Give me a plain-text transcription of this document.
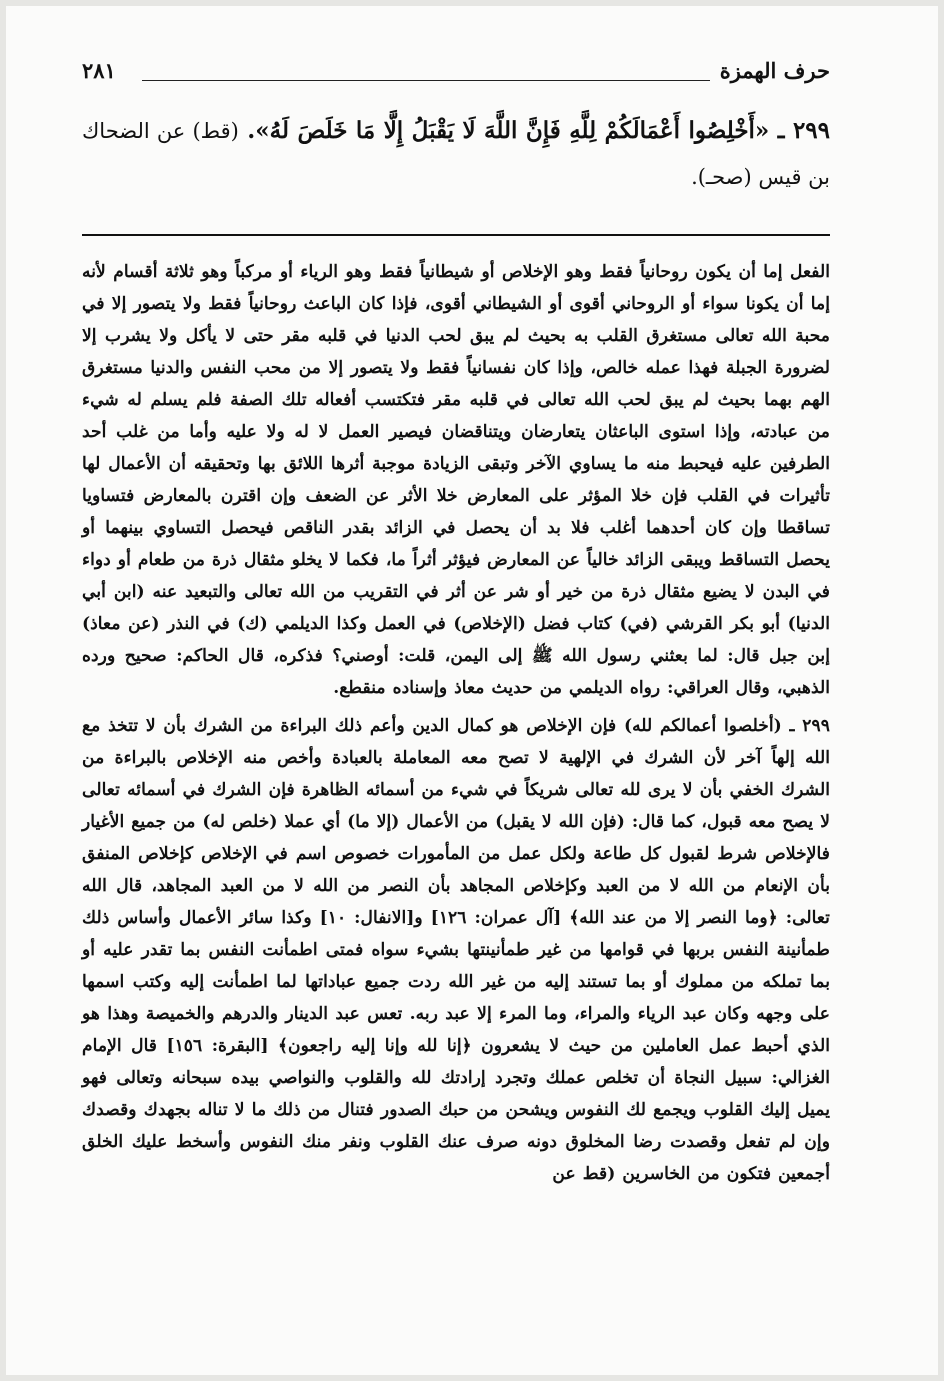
حرف الهمزة
٢٨١
٢٩٩ ـ «أَخْلِصُوا أَعْمَالَكُمْ لِلَّهِ فَإِنَّ اللَّهَ لَا يَقْبَلُ إِلَّا مَا خَلَصَ لَهُ». (قط) عن الضحاك بن قيس (صحـ).

الفعل إما أن يكون روحانياً فقط وهو الإخلاص أو شيطانياً فقط وهو الرياء أو مركباً وهو ثلاثة أقسام لأنه إما أن يكونا سواء أو الروحاني أقوى أو الشيطاني أقوى، فإذا كان الباعث روحانياً فقط ولا يتصور إلا في محبة الله تعالى مستغرق القلب به بحيث لم يبق لحب الدنيا في قلبه مقر حتى لا يأكل ولا يشرب إلا لضرورة الجبلة فهذا عمله خالص، وإذا كان نفسانياً فقط ولا يتصور إلا من محب النفس والدنيا مستغرق الهم بهما بحيث لم يبق لحب الله تعالى في قلبه مقر فتكتسب أفعاله تلك الصفة فلم يسلم له شيء من عبادته، وإذا استوى الباعثان يتعارضان ويتناقضان فيصير العمل لا له ولا عليه وأما من غلب أحد الطرفين عليه فيحبط منه ما يساوي الآخر وتبقى الزيادة موجبة أثرها اللائق بها وتحقيقه أن الأعمال لها تأثيرات في القلب فإن خلا المؤثر على المعارض خلا الأثر عن الضعف وإن اقترن بالمعارض فتساويا تساقطا وإن كان أحدهما أغلب فلا بد أن يحصل في الزائد بقدر الناقص فيحصل التساوي بينهما أو يحصل التساقط ويبقى الزائد خالياً عن المعارض فيؤثر أثراً ما، فكما لا يخلو مثقال ذرة من طعام أو دواء في البدن لا يضيع مثقال ذرة من خير أو شر عن أثر في التقريب من الله تعالى والتبعيد عنه (ابن أبي الدنيا) أبو بكر القرشي (في) كتاب فضل (الإخلاص) في العمل وكذا الديلمي (ك) في النذر (عن معاذ) إبن جبل قال: لما بعثني رسول الله ﷺ إلى اليمن، قلت: أوصني؟ فذكره، قال الحاكم: صحيح ورده الذهبي، وقال العراقي: رواه الديلمي من حديث معاذ وإسناده منقطع.

٢٩٩ ـ (أخلصوا أعمالكم لله) فإن الإخلاص هو كمال الدين وأعم ذلك البراءة من الشرك بأن لا تتخذ مع الله إلهاً آخر لأن الشرك في الإلهية لا تصح معه المعاملة بالعبادة وأخص منه الإخلاص بالبراءة من الشرك الخفي بأن لا يرى لله تعالى شريكاً في شيء من أسمائه الظاهرة فإن الشرك في أسمائه تعالى لا يصح معه قبول، كما قال: (فإن الله لا يقبل) من الأعمال (إلا ما) أي عملا (خلص له) من جميع الأغيار فالإخلاص شرط لقبول كل طاعة ولكل عمل من المأمورات خصوص اسم في الإخلاص كإخلاص المنفق بأن الإنعام من الله لا من العبد وكإخلاص المجاهد بأن النصر من الله لا من العبد المجاهد، قال الله تعالى: ﴿وما النصر إلا من عند الله﴾ [آل عمران: ١٢٦] و[الانفال: ١٠] وكذا سائر الأعمال وأساس ذلك طمأنينة النفس بربها في قوامها من غير طمأنينتها بشيء سواه فمتى اطمأنت النفس بما تقدر عليه أو بما تملكه من مملوك أو بما تستند إليه من غير الله ردت جميع عباداتها لما اطمأنت إليه وكتب اسمها على وجهه وكان عبد الرياء والمراء، وما المرء إلا عبد ربه. تعس عبد الدينار والدرهم والخميصة وهذا هو الذي أحبط عمل العاملين من حيث لا يشعرون ﴿إنا لله وإنا إليه راجعون﴾ [البقرة: ١٥٦] قال الإمام الغزالي: سبيل النجاة أن تخلص عملك وتجرد إرادتك لله والقلوب والنواصي بيده سبحانه وتعالى فهو يميل إليك القلوب ويجمع لك النفوس ويشحن من حبك الصدور فتنال من ذلك ما لا تناله بجهدك وقصدك وإن لم تفعل وقصدت رضا المخلوق دونه صرف عنك القلوب ونفر منك النفوس وأسخط عليك الخلق أجمعين فتكون من الخاسرين (قط عن
